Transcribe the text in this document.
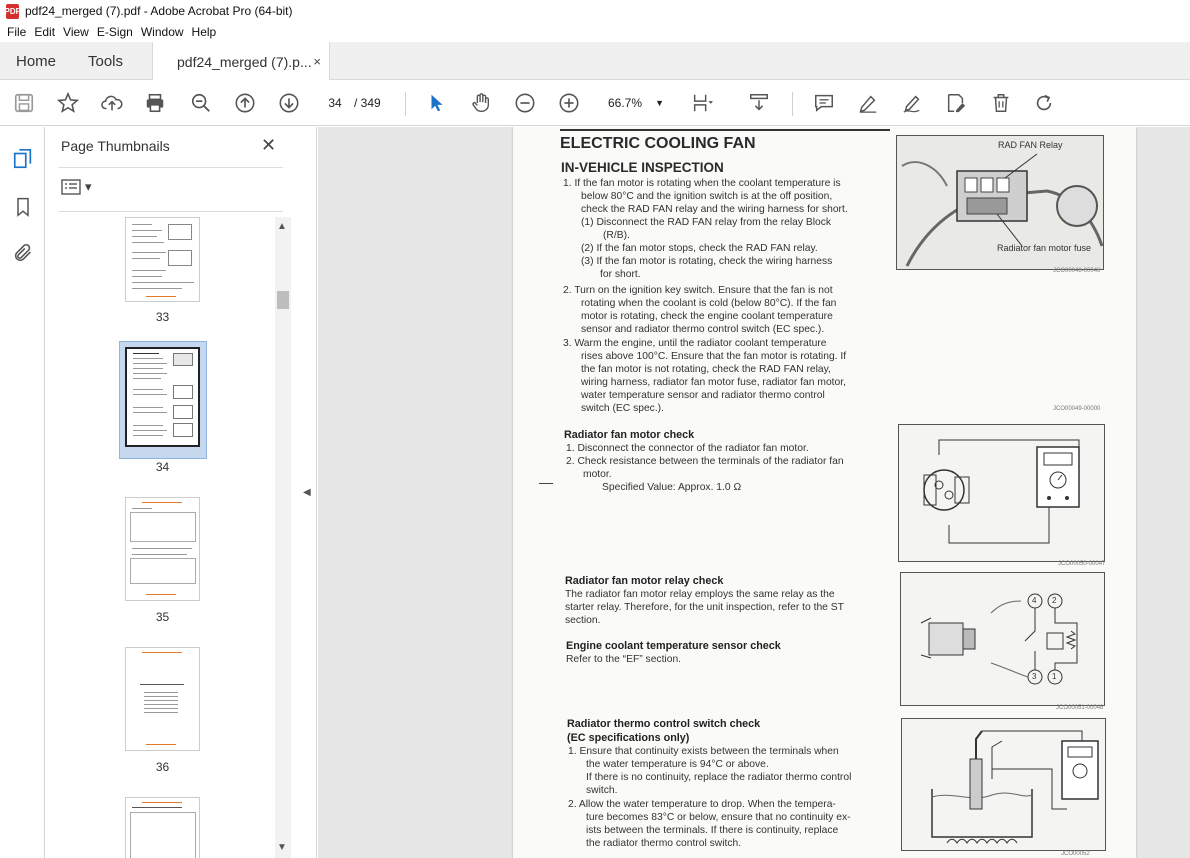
PDF pdf24_merged (7).pdf - Adobe Acrobat Pro (64-bit)
File Edit View E-Sign Window Help
Home Tools	pdf24_merged (7).p... ×
34	/ 349	66.7% ▼
Page Thumbnails	✕
▾
33
34
35
36
▲
▼
◀
ELECTRIC COOLING FAN
IN-VEHICLE INSPECTION
1. If the fan motor is rotating when the coolant temperature is
below 80°C and the ignition switch is at the off position,
check the RAD FAN relay and the wiring harness for short.
(1) Disconnect the RAD FAN relay from the relay Block
(R/B).
(2) If the fan motor stops, check the RAD FAN relay.
(3) If the fan motor is rotating, check the wiring harness
for short.
2. Turn on the ignition key switch. Ensure that the fan is not
rotating when the coolant is cold (below 80°C). If the fan
motor is rotating, check the engine coolant temperature
sensor and radiator thermo control switch (EC spec.).
3. Warm the engine, until the radiator coolant temperature
rises above 100°C. Ensure that the fan motor is rotating. If
the fan motor is not rotating, check the RAD FAN relay,
wiring harness, radiator fan motor fuse, radiator fan motor,
water temperature sensor and radiator thermo control
switch (EC spec.).
RAD FAN Relay
Radiator fan motor fuse
JCO00048-00046
JCO00049-00000
Radiator fan motor check
1. Disconnect the connector of the radiator fan motor.
2. Check resistance between the terminals of the radiator fan
motor.
Specified Value: Approx. 1.0 Ω
JCO00050-00047
Radiator fan motor relay check
The radiator fan motor relay employs the same relay as the
starter relay. Therefore, for the unit inspection, refer to the ST
section.
Engine coolant temperature sensor check
Refer to the “EF” section.
4 2
3 1
JCO00051-00048
Radiator thermo control switch check
(EC specifications only)
1. Ensure that continuity exists between the terminals when
the water temperature is 94°C or above.
If there is no continuity, replace the radiator thermo control
switch.
2. Allow the water temperature to drop. When the tempera-
ture becomes 83°C or below, ensure that no continuity ex-
ists between the terminals. If there is continuity, replace
the radiator thermo control switch.
JCO00052
